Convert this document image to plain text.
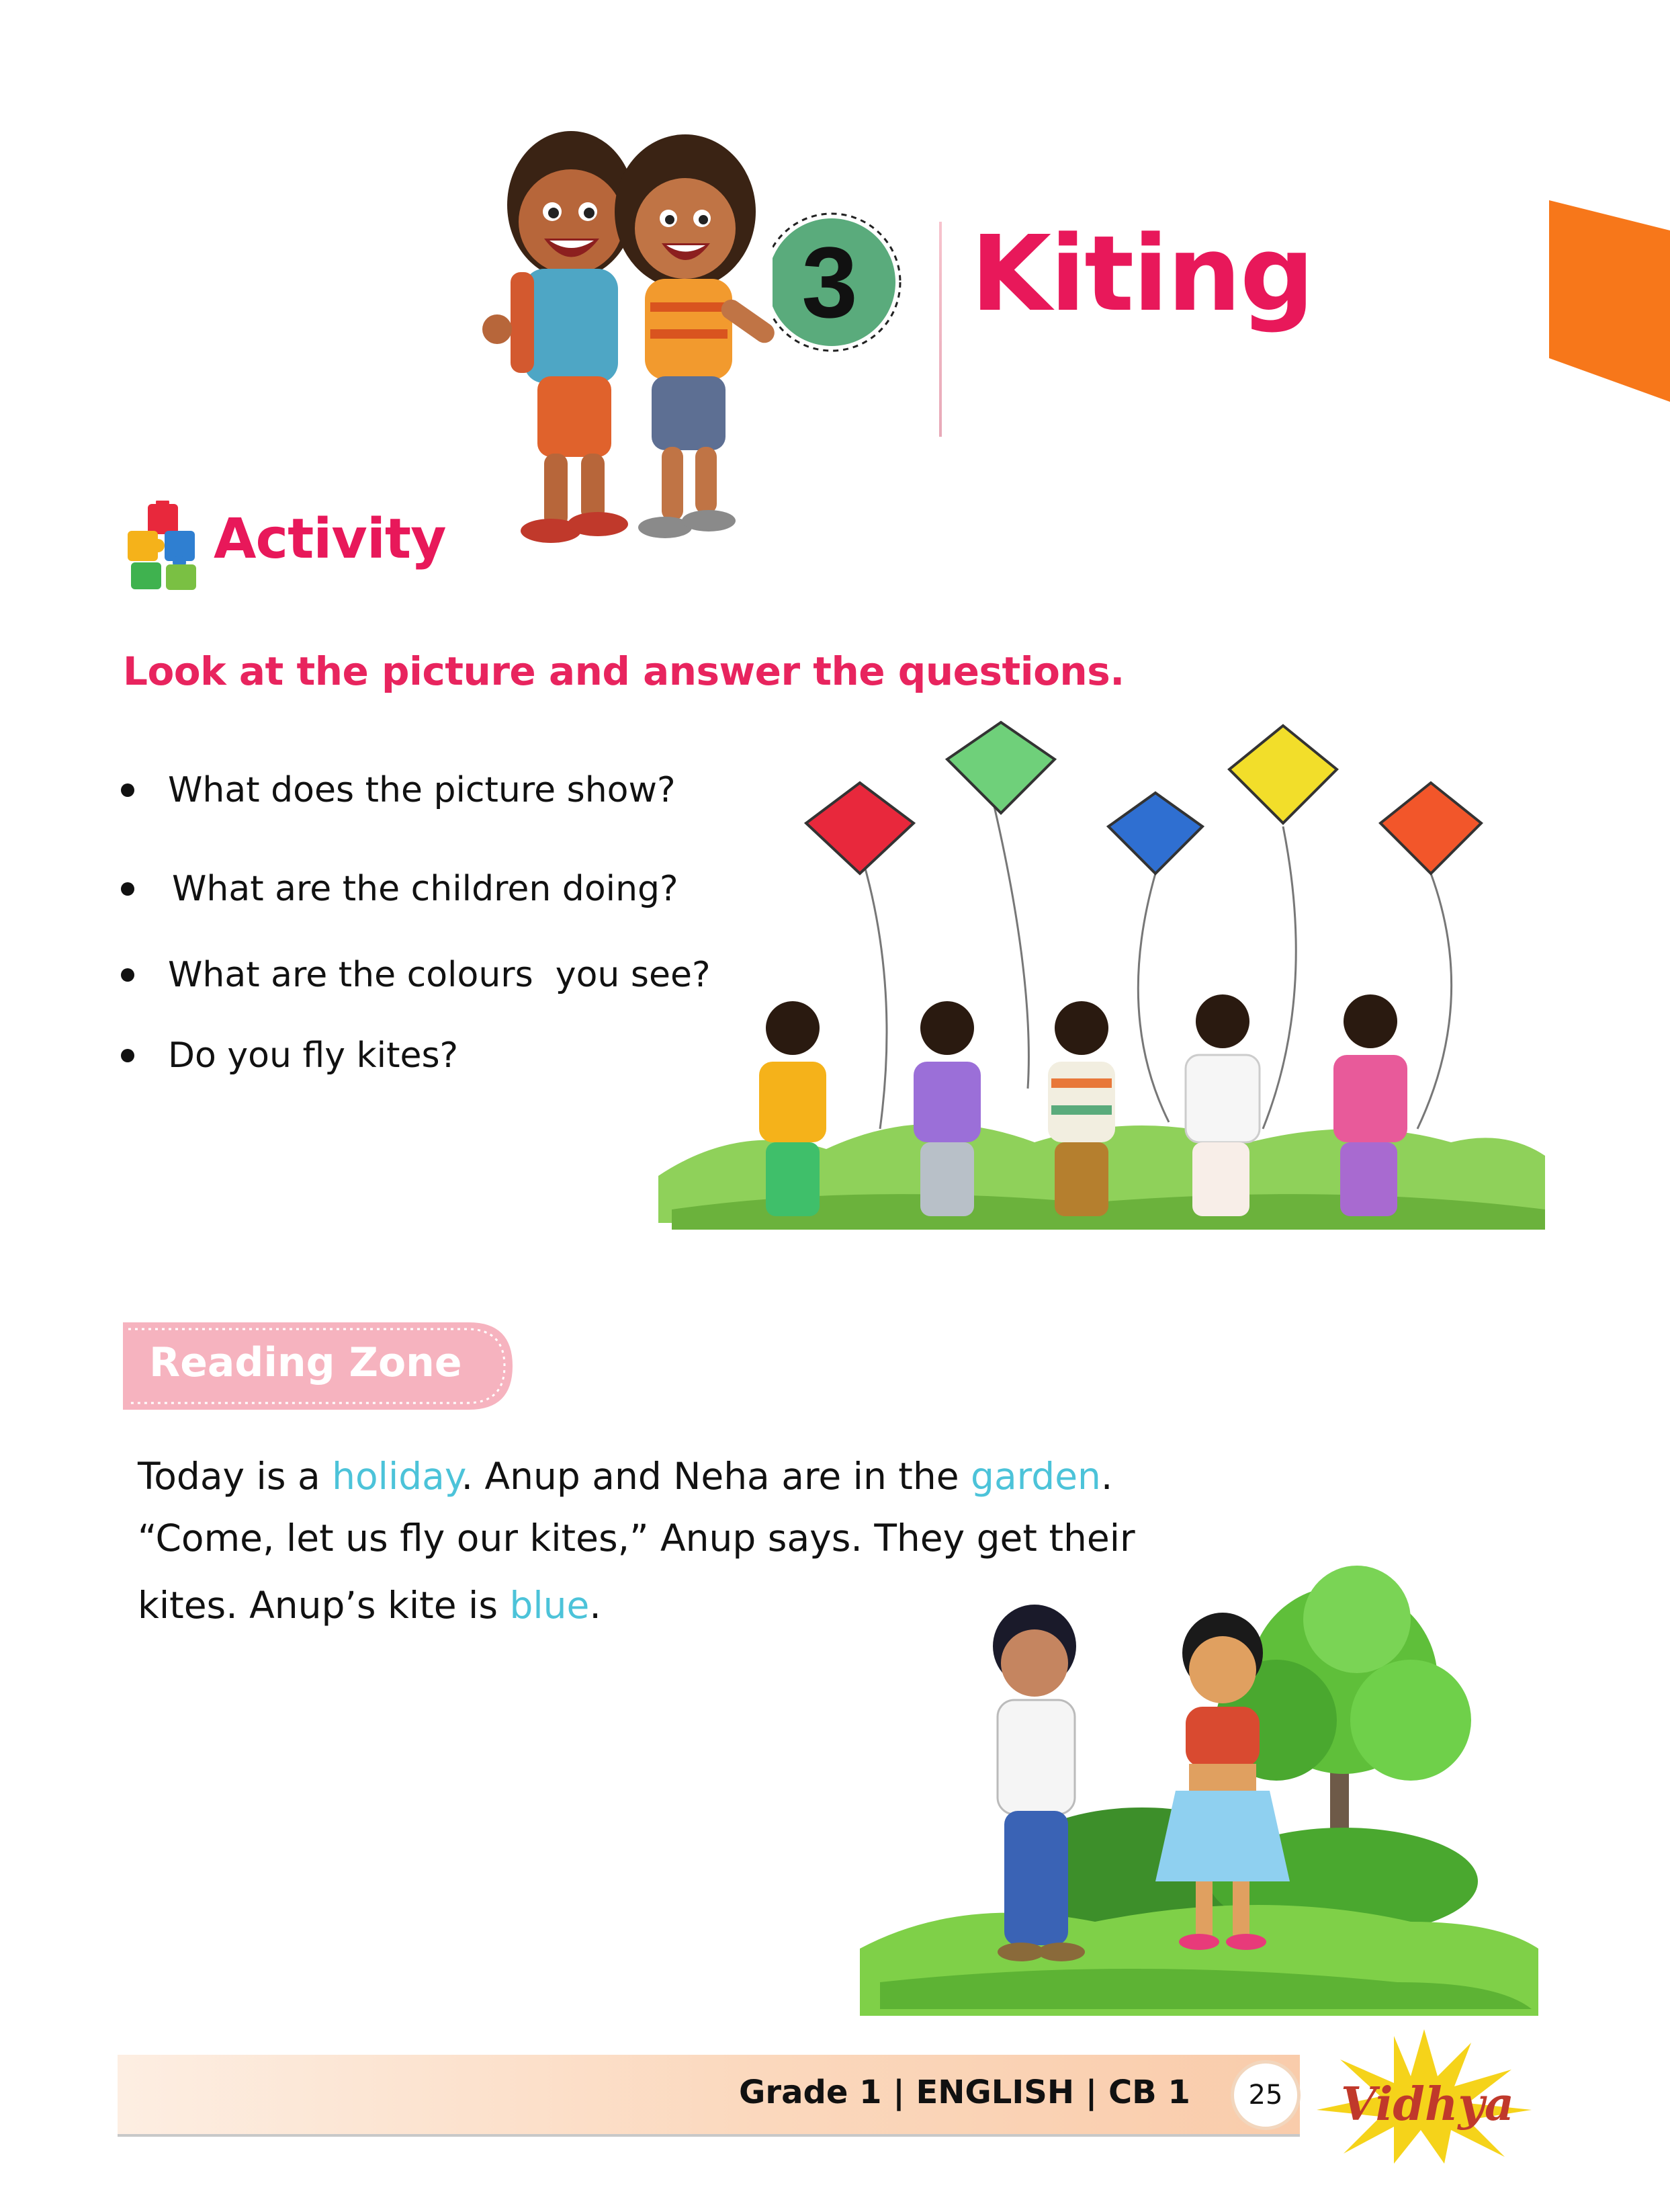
3 Kiting
Activity
Look at the picture and answer the questions.
What does the picture show?
What are the children doing?
What are the colours  you see?
Do you fly kites?
Reading Zone
Today is a holiday. Anup and Neha are in the garden.
“Come, let us fly our kites,” Anup says. They get their
kites. Anup’s kite is blue.
Grade 1 | ENGLISH | CB 1	25	Vidhya
